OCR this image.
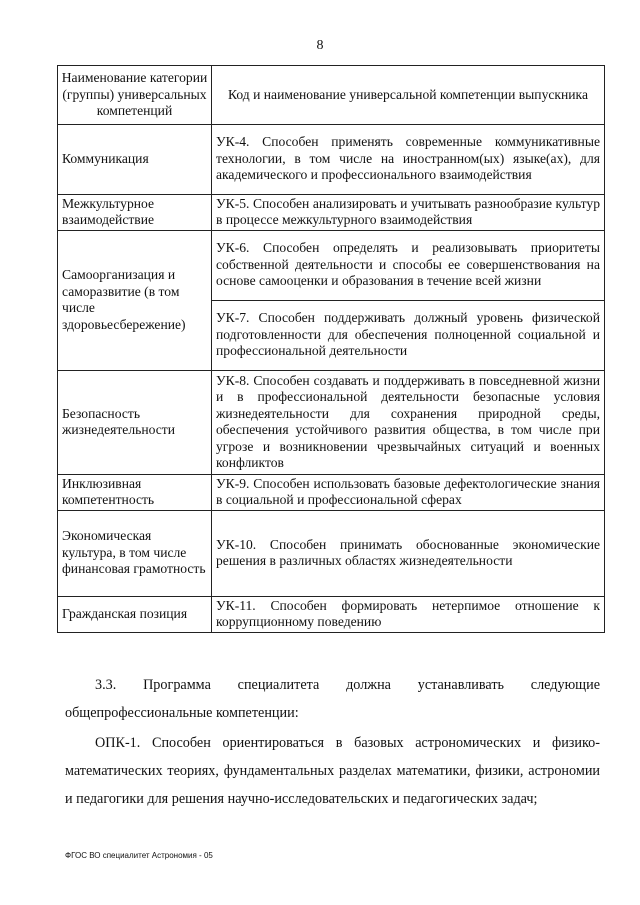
8
Наименование категории (группы) универсальных компетенций	Код и наименование универсальной компетенции выпускника
Коммуникация	УК-4. Способен применять современные коммуникативные технологии, в том числе на иностранном(ых) языке(ах), для академического и профессионального взаимодействия
Межкультурное взаимодействие	УК-5. Способен анализировать и учитывать разнообразие культур в процессе межкультурного взаимодействия
Самоорганизация и саморазвитие (в том числе здоровьесбережение)	УК-6. Способен определять и реализовывать приоритеты собственной деятельности и способы ее совершенствования на основе самооценки и образования в течение всей жизни
	УК-7. Способен поддерживать должный уровень физической подготовленности для обеспечения полноценной социальной и профессиональной деятельности
Безопасность жизнедеятельности	УК-8. Способен создавать и поддерживать в повседневной жизни и в профессиональной деятельности безопасные условия жизнедеятельности для сохранения природной среды, обеспечения устойчивого развития общества, в том числе при угрозе и возникновении чрезвычайных ситуаций и военных конфликтов
Инклюзивная компетентность	УК-9. Способен использовать базовые дефектологические знания в социальной и профессиональной сферах
Экономическая культура, в том числе финансовая грамотность	УК-10. Способен принимать обоснованные экономические решения в различных областях жизнедеятельности
Гражданская позиция	УК-11. Способен формировать нетерпимое отношение к коррупционному поведению

3.3. Программа специалитета должна устанавливать следующие общепрофессиональные компетенции:

ОПК-1. Способен ориентироваться в базовых астрономических и физико-математических теориях, фундаментальных разделах математики, физики, астрономии и педагогики для решения научно-исследовательских и педагогических задач;

ФГОС ВО специалитет Астрономия - 05
